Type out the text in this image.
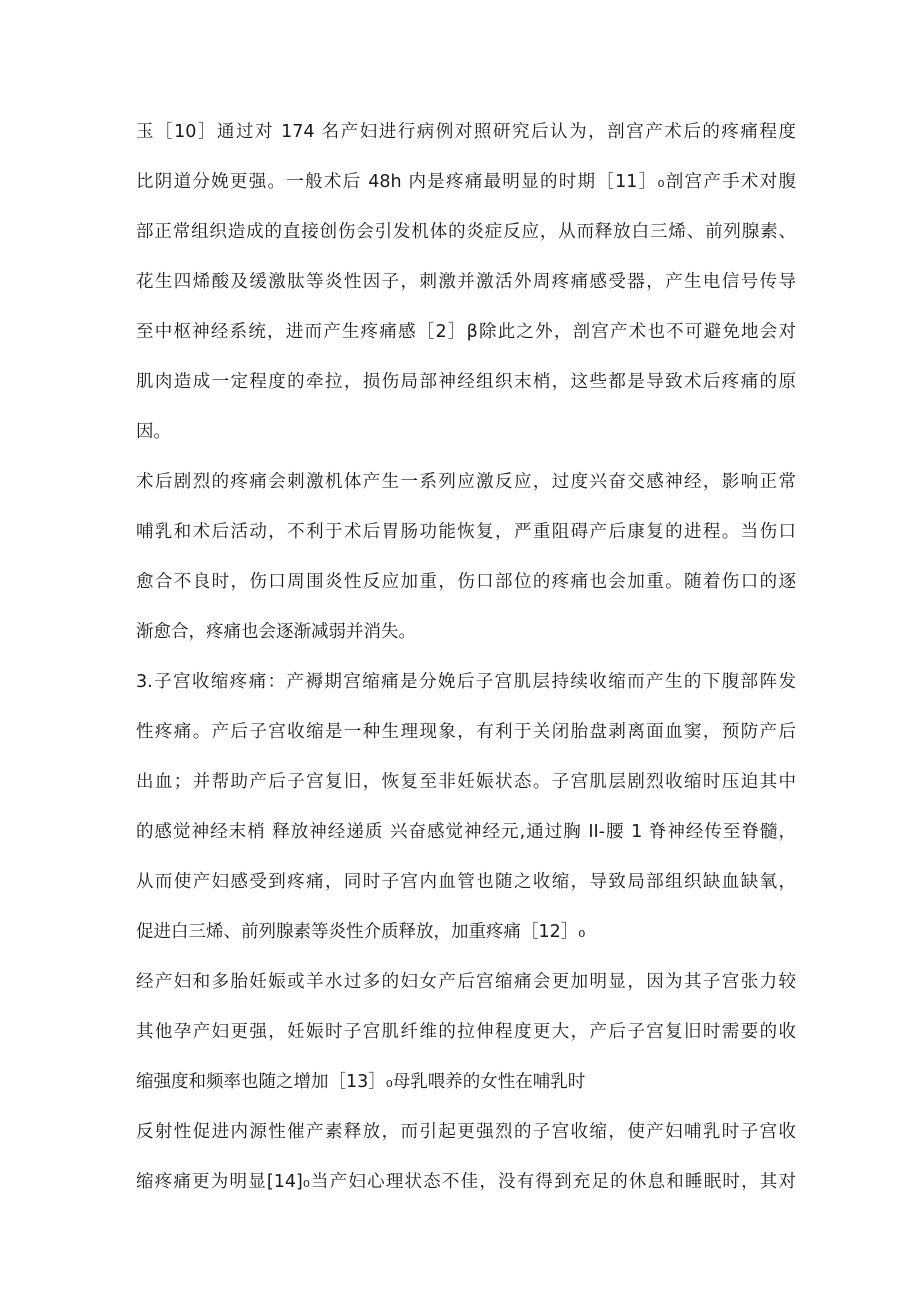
玉［10］通过对 174 名产妇进行病例对照研究后认为，剖宫产术后的疼痛程度
比阴道分娩更强。一般术后 48h 内是疼痛最明显的时期［11］₀剖宫产手术对腹
部正常组织造成的直接创伤会引发机体的炎症反应，从而释放白三烯、前列腺素、
花生四烯酸及缓激肽等炎性因子，刺激并激活外周疼痛感受器，产生电信号传导
至中枢神经系统，进而产生疼痛感［2］β除此之外，剖宫产术也不可避免地会对
肌肉造成一定程度的牵拉，损伤局部神经组织末梢，这些都是导致术后疼痛的原
因。
术后剧烈的疼痛会刺激机体产生一系列应激反应，过度兴奋交感神经，影响正常
哺乳和术后活动，不利于术后胃肠功能恢复，严重阻碍产后康复的进程。当伤口
愈合不良时，伤口周围炎性反应加重，伤口部位的疼痛也会加重。随着伤口的逐
渐愈合，疼痛也会逐渐减弱并消失。
3.子宫收缩疼痛：产褥期宫缩痛是分娩后子宫肌层持续收缩而产生的下腹部阵发
性疼痛。产后子宫收缩是一种生理现象，有利于关闭胎盘剥离面血窦，预防产后
出血；并帮助产后子宫复旧，恢复至非妊娠状态。子宫肌层剧烈收缩时压迫其中
的感觉神经末梢 释放神经递质 兴奋感觉神经元,通过胸 II-腰 1 脊神经传至脊髓，
从而使产妇感受到疼痛，同时子宫内血管也随之收缩，导致局部组织缺血缺氧，
促进白三烯、前列腺素等炎性介质释放，加重疼痛［12］₀
经产妇和多胎妊娠或羊水过多的妇女产后宫缩痛会更加明显，因为其子宫张力较
其他孕产妇更强，妊娠时子宫肌纤维的拉伸程度更大，产后子宫复旧时需要的收
缩强度和频率也随之增加［13］₀母乳喂养的女性在哺乳时
反射性促进内源性催产素释放，而引起更强烈的子宫收缩，使产妇哺乳时子宫收
缩疼痛更为明显[14]₀当产妇心理状态不佳，没有得到充足的休息和睡眠时，其对
